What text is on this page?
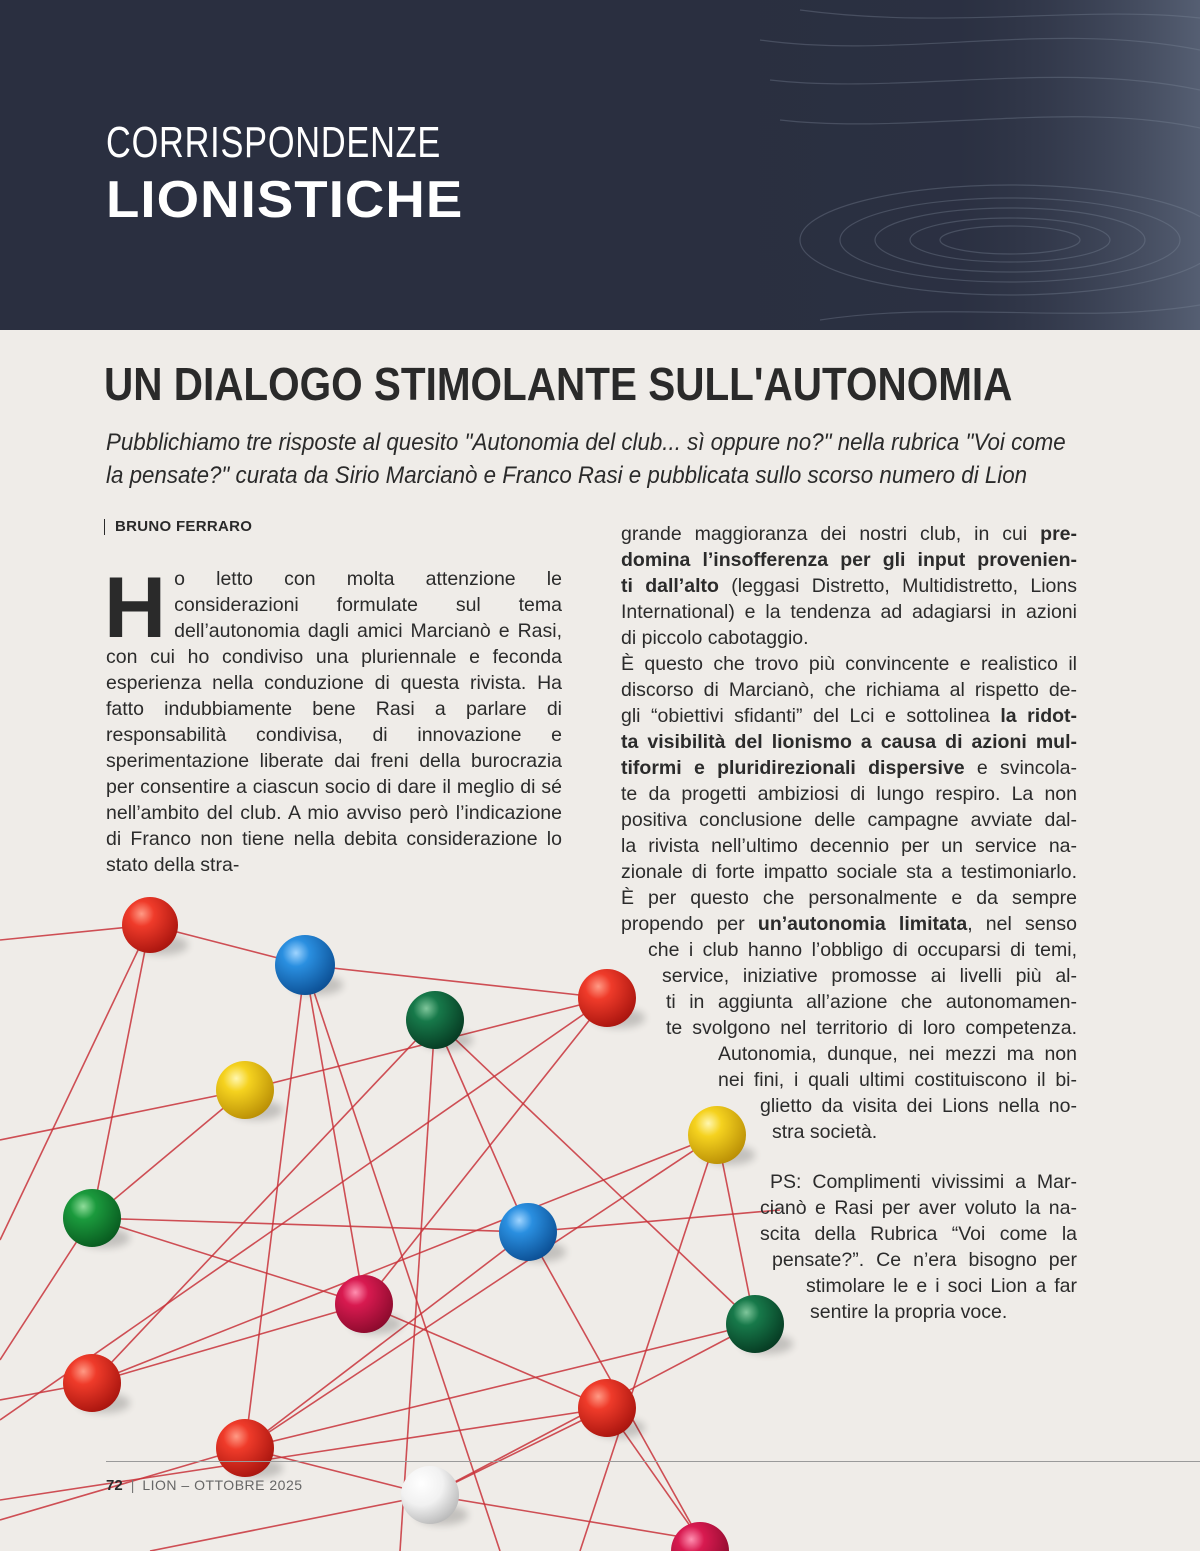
CORRISPONDENZE
LIONISTICHE
UN DIALOGO STIMOLANTE SULL'AUTONOMIA
Pubblichiamo tre risposte al quesito "Autonomia del club... sì oppure no?" nella rubrica "Voi come
la pensate?" curata da Sirio Marcianò e Franco Rasi e pubblicata sullo scorso numero di Lion
BRUNO FERRARO
Ho letto con molta attenzione le considerazioni formulate sul tema dell’autonomia dagli amici Marcianò e Rasi, con cui ho condiviso una pluriennale e feconda esperienza nella conduzione di questa rivista. Ha fatto indubbiamente bene Rasi a parlare di responsabilità condivisa, di innovazione e sperimentazione liberate dai freni della burocrazia per consentire a ciascun socio di dare il meglio di sé nell’ambito del club. A mio avviso però l’indicazione di Franco non tiene nella debita considerazione lo stato della stra-
grande maggioranza dei nostri club, in cui pre-
domina l’insofferenza per gli input provenien-
ti dall’alto (leggasi Distretto, Multidistretto, Lions
International) e la tendenza ad adagiarsi in azioni
di piccolo cabotaggio.
È questo che trovo più convincente e realistico il
discorso di Marcianò, che richiama al rispetto de-
gli “obiettivi sfidanti” del Lci e sottolinea la ridot-
ta visibilità del lionismo a causa di azioni mul-
tiformi e pluridirezionali dispersive e svincola-
te da progetti ambiziosi di lungo respiro. La non
positiva conclusione delle campagne avviate dal-
la rivista nell’ultimo decennio per un service na-
zionale di forte impatto sociale sta a testimoniarlo.
È per questo che personalmente e da sempre
propendo per un’autonomia limitata, nel senso
che i club hanno l’obbligo di occuparsi di temi,
service, iniziative promosse ai livelli più al-
ti in aggiunta all’azione che autonomamen-
te svolgono nel territorio di loro competenza.
Autonomia, dunque, nei mezzi ma non
nei fini, i quali ultimi costituiscono il bi-
glietto da visita dei Lions nella no-
stra società.
PS: Complimenti vivissimi a Mar-
cianò e Rasi per aver voluto la na-
scita della Rubrica “Voi come la
pensate?”. Ce n’era bisogno per
stimolare le e i soci Lion a far
sentire la propria voce.
72 | LION – OTTOBRE 2025
